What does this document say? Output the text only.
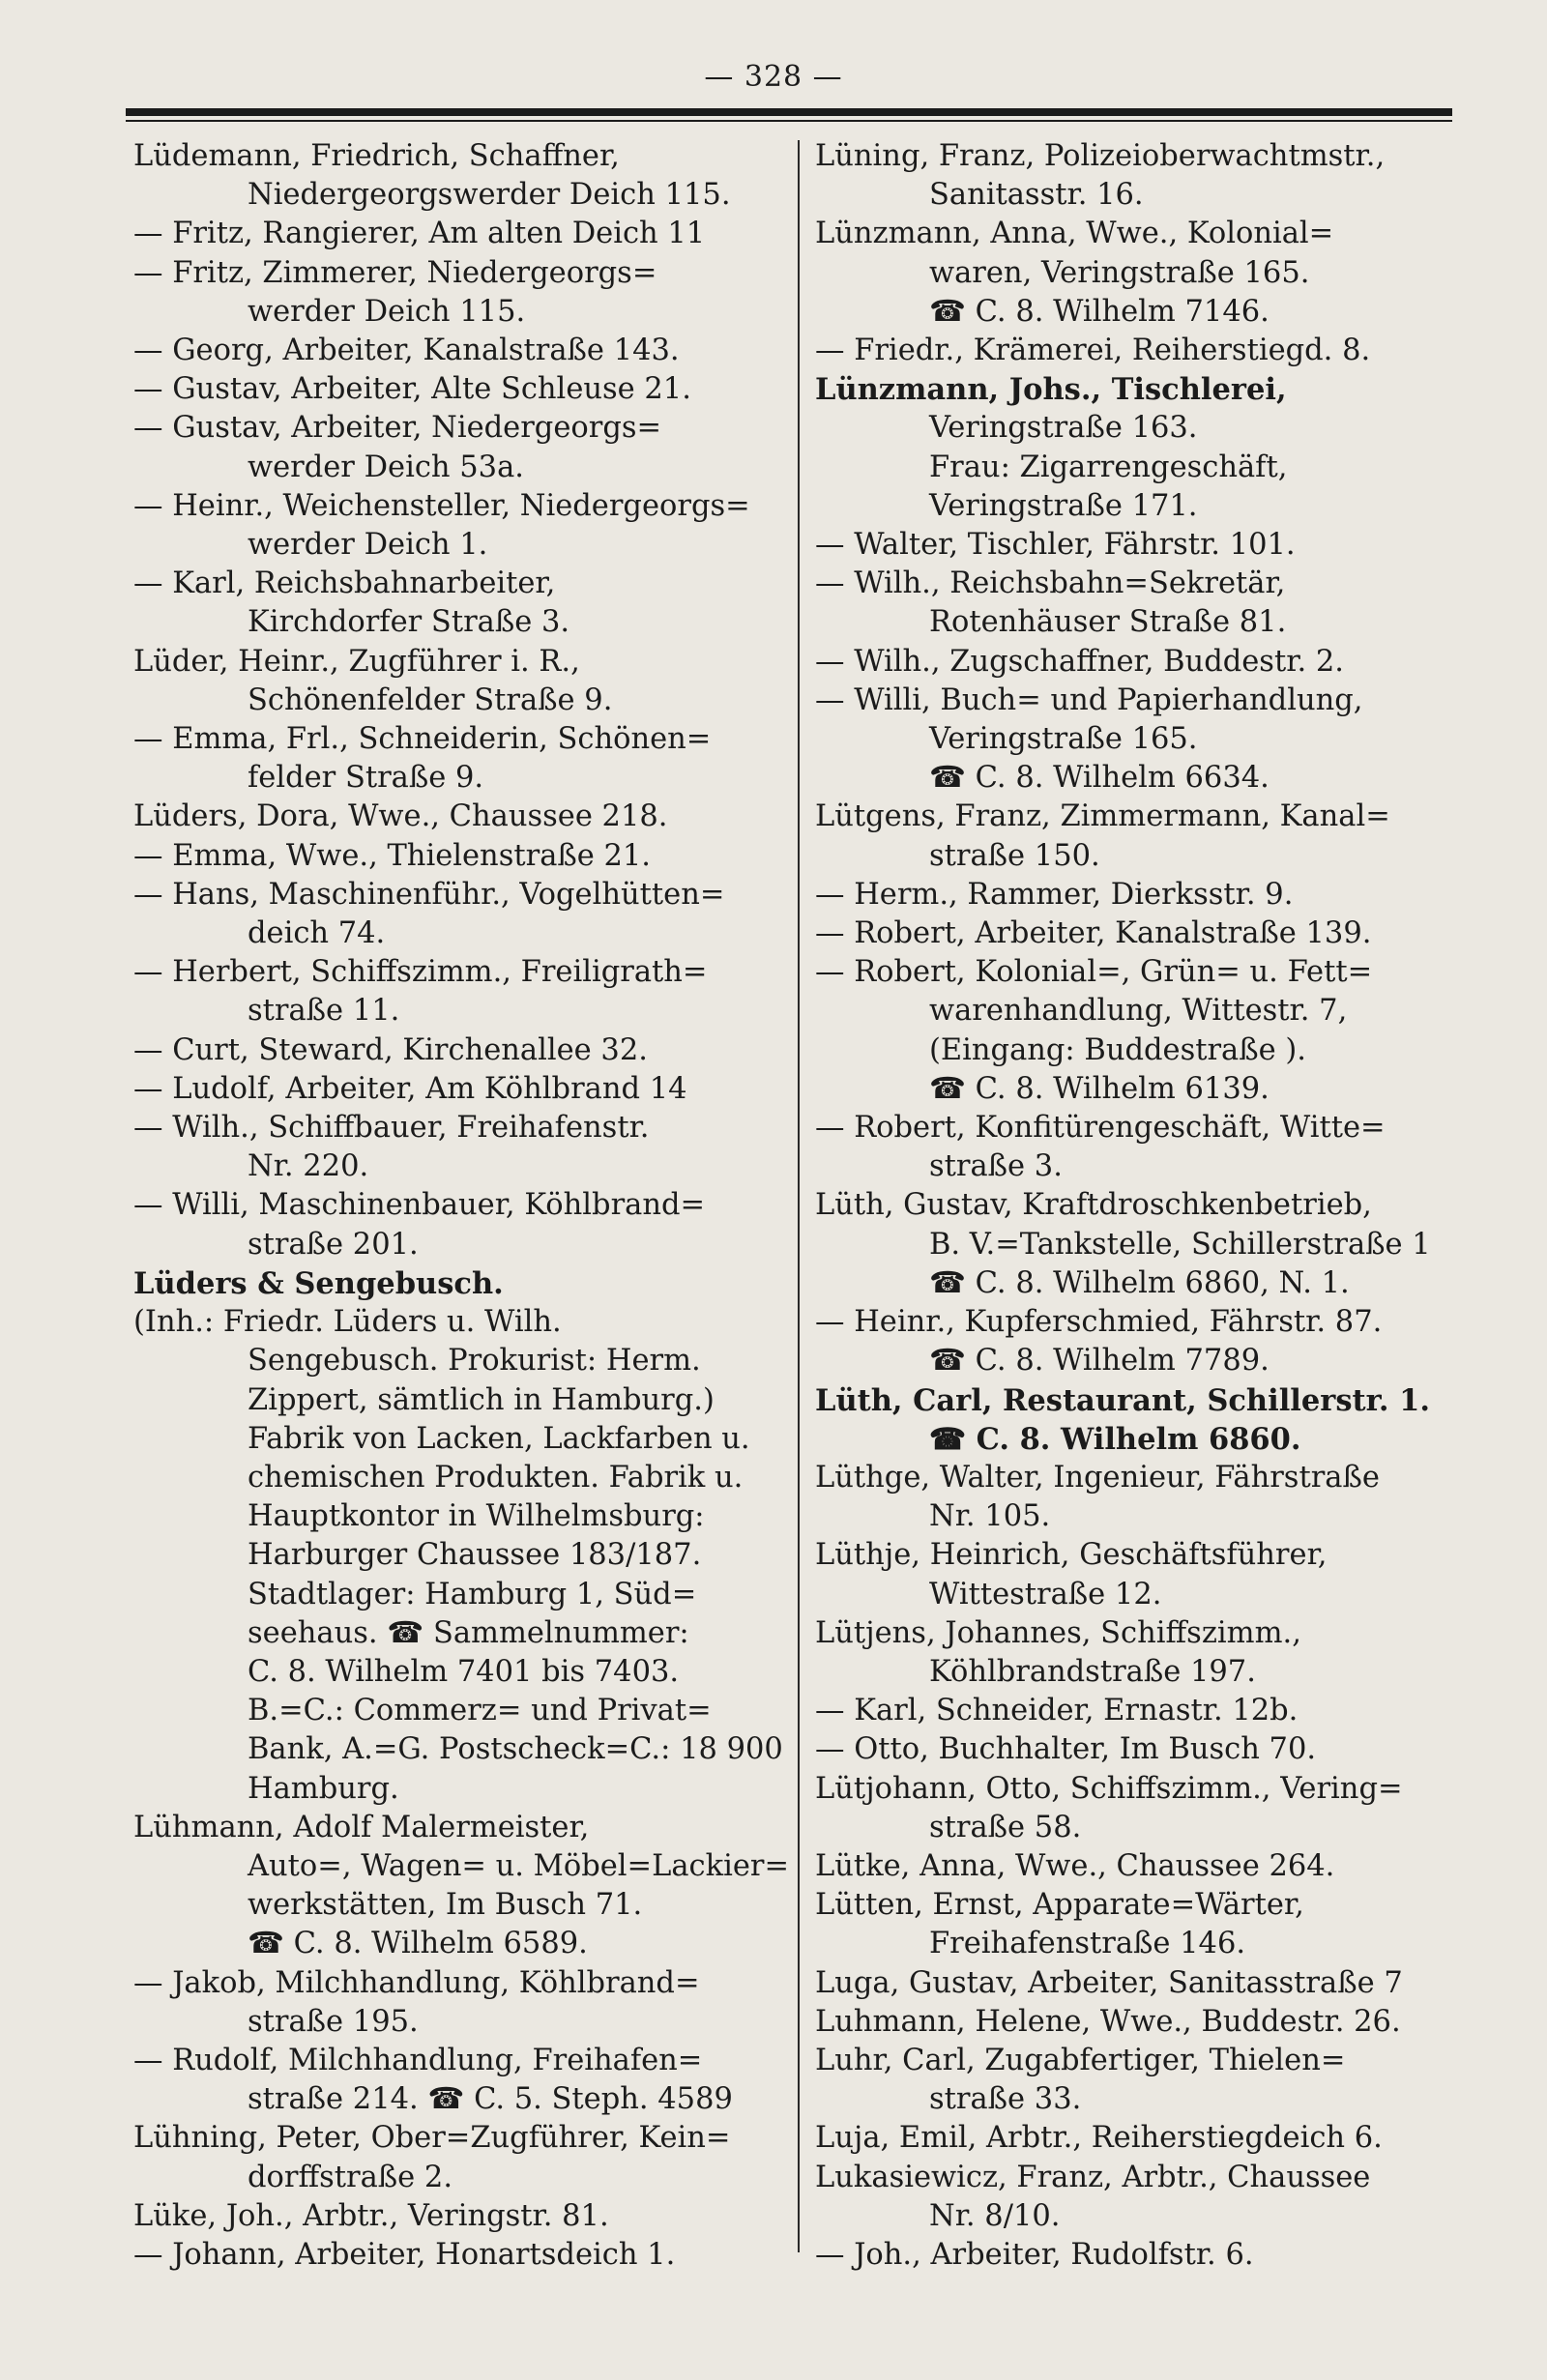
— 328 —
Lüdemann, Friedrich, Schaffner,
Niedergeorgswerder Deich 115.
— Fritz, Rangierer, Am alten Deich 11
— Fritz, Zimmerer, Niedergeorgs=
werder Deich 115.
— Georg, Arbeiter, Kanalstraße 143.
— Gustav, Arbeiter, Alte Schleuse 21.
— Gustav, Arbeiter, Niedergeorgs=
werder Deich 53a.
— Heinr., Weichensteller, Niedergeorgs=
werder Deich 1.
— Karl, Reichsbahnarbeiter,
Kirchdorfer Straße 3.
Lüder, Heinr., Zugführer i. R.,
Schönenfelder Straße 9.
— Emma, Frl., Schneiderin, Schönen=
felder Straße 9.
Lüders, Dora, Wwe., Chaussee 218.
— Emma, Wwe., Thielenstraße 21.
— Hans, Maschinenführ., Vogelhütten=
deich 74.
— Herbert, Schiffszimm., Freiligrath=
straße 11.
— Curt, Steward, Kirchenallee 32.
— Ludolf, Arbeiter, Am Köhlbrand 14
— Wilh., Schiffbauer, Freihafenstr.
Nr. 220.
— Willi, Maschinenbauer, Köhlbrand=
straße 201.
Lüders & Sengebusch.
(Inh.: Friedr. Lüders u. Wilh.
Sengebusch. Prokurist: Herm.
Zippert, sämtlich in Hamburg.)
Fabrik von Lacken, Lackfarben u.
chemischen Produkten. Fabrik u.
Hauptkontor in Wilhelmsburg:
Harburger Chaussee 183/187.
Stadtlager: Hamburg 1, Süd=
seehaus. ☎ Sammelnummer:
C. 8. Wilhelm 7401 bis 7403.
B.=C.: Commerz= und Privat=
Bank, A.=G. Postscheck=C.: 18 900
Hamburg.
Lühmann, Adolf Malermeister,
Auto=, Wagen= u. Möbel=Lackier=
werkstätten, Im Busch 71.
☎ C. 8. Wilhelm 6589.
— Jakob, Milchhandlung, Köhlbrand=
straße 195.
— Rudolf, Milchhandlung, Freihafen=
straße 214. ☎ C. 5. Steph. 4589
Lühning, Peter, Ober=Zugführer, Kein=
dorffstraße 2.
Lüke, Joh., Arbtr., Veringstr. 81.
— Johann, Arbeiter, Honartsdeich 1.
Lüning, Franz, Polizeioberwachtmstr.,
Sanitasstr. 16.
Lünzmann, Anna, Wwe., Kolonial=
waren, Veringstraße 165.
☎ C. 8. Wilhelm 7146.
— Friedr., Krämerei, Reiherstiegd. 8.
Lünzmann, Johs., Tischlerei,
Veringstraße 163.
Frau: Zigarrengeschäft,
Veringstraße 171.
— Walter, Tischler, Fährstr. 101.
— Wilh., Reichsbahn=Sekretär,
Rotenhäuser Straße 81.
— Wilh., Zugschaffner, Buddestr. 2.
— Willi, Buch= und Papierhandlung,
Veringstraße 165.
☎ C. 8. Wilhelm 6634.
Lütgens, Franz, Zimmermann, Kanal=
straße 150.
— Herm., Rammer, Dierksstr. 9.
— Robert, Arbeiter, Kanalstraße 139.
— Robert, Kolonial=, Grün= u. Fett=
warenhandlung, Wittestr. 7,
(Eingang: Buddestraße ).
☎ C. 8. Wilhelm 6139.
— Robert, Konfitürengeschäft, Witte=
straße 3.
Lüth, Gustav, Kraftdroschkenbetrieb,
B. V.=Tankstelle, Schillerstraße 1
☎ C. 8. Wilhelm 6860, N. 1.
— Heinr., Kupferschmied, Fährstr. 87.
☎ C. 8. Wilhelm 7789.
Lüth, Carl, Restaurant, Schillerstr. 1.
☎ C. 8. Wilhelm 6860.
Lüthge, Walter, Ingenieur, Fährstraße
Nr. 105.
Lüthje, Heinrich, Geschäftsführer,
Wittestraße 12.
Lütjens, Johannes, Schiffszimm.,
Köhlbrandstraße 197.
— Karl, Schneider, Ernastr. 12b.
— Otto, Buchhalter, Im Busch 70.
Lütjohann, Otto, Schiffszimm., Vering=
straße 58.
Lütke, Anna, Wwe., Chaussee 264.
Lütten, Ernst, Apparate=Wärter,
Freihafenstraße 146.
Luga, Gustav, Arbeiter, Sanitasstraße 7
Luhmann, Helene, Wwe., Buddestr. 26.
Luhr, Carl, Zugabfertiger, Thielen=
straße 33.
Luja, Emil, Arbtr., Reiherstiegdeich 6.
Lukasiewicz, Franz, Arbtr., Chaussee
Nr. 8/10.
— Joh., Arbeiter, Rudolfstr. 6.
